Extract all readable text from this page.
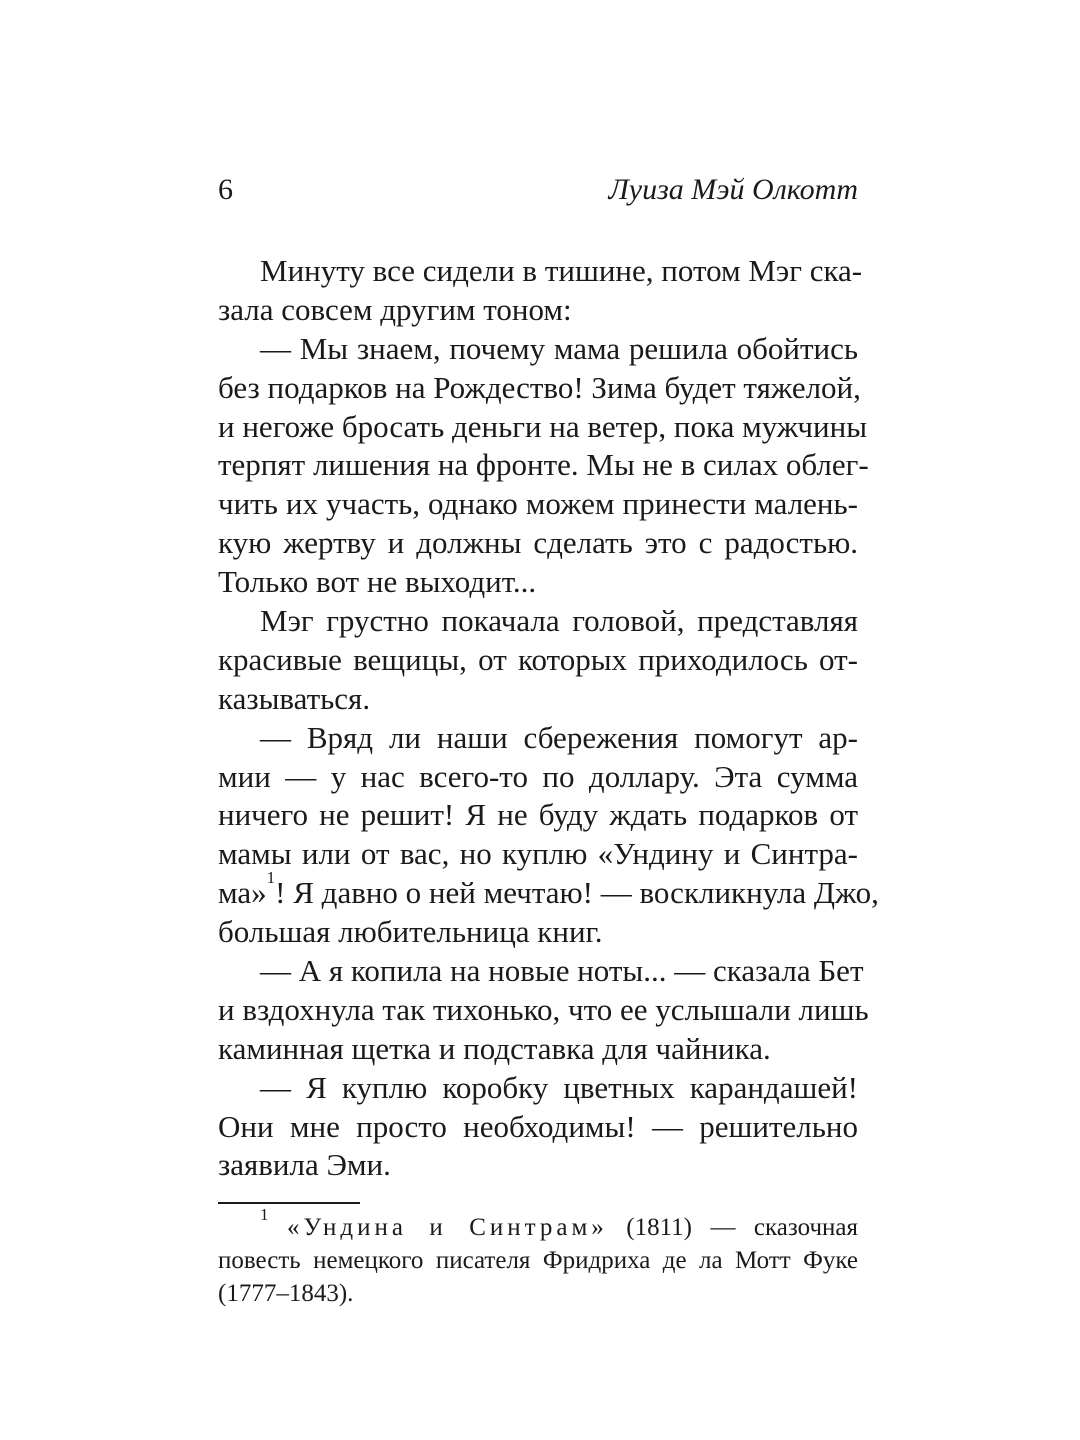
6	Луиза Мэй Олкотт
Минуту все сидели в тишине, потом Мэг ска-
зала совсем другим тоном:
— Мы знаем, почему мама решила обойтись
без подарков на Рождество! Зима будет тяжелой,
и негоже бросать деньги на ветер, пока мужчины
терпят лишения на фронте. Мы не в силах облег-
чить их участь, однако можем принести малень-
кую жертву и должны сделать это с радостью.
Только вот не выходит...
Мэг грустно покачала головой, представляя
красивые вещицы, от которых приходилось от-
казываться.
— Вряд ли наши сбережения помогут ар-
мии — у нас всего-то по доллару. Эта сумма
ничего не решит! Я не буду ждать подарков от
мамы или от вас, но куплю «Ундину и Синтра-
ма»$^1$! Я давно о ней мечтаю! — воскликнула Джо,
большая любительница книг.
— А я копила на новые ноты... — сказала Бет
и вздохнула так тихонько, что ее услышали лишь
каминная щетка и подставка для чайника.
— Я куплю коробку цветных карандашей!
Они мне просто необходимы! — решительно
заявила Эми.
$^1$ «Ундина и Синтрам» (1811) — сказочная
повесть немецкого писателя Фридриха де ла Мотт Фуке
(1777–1843).
